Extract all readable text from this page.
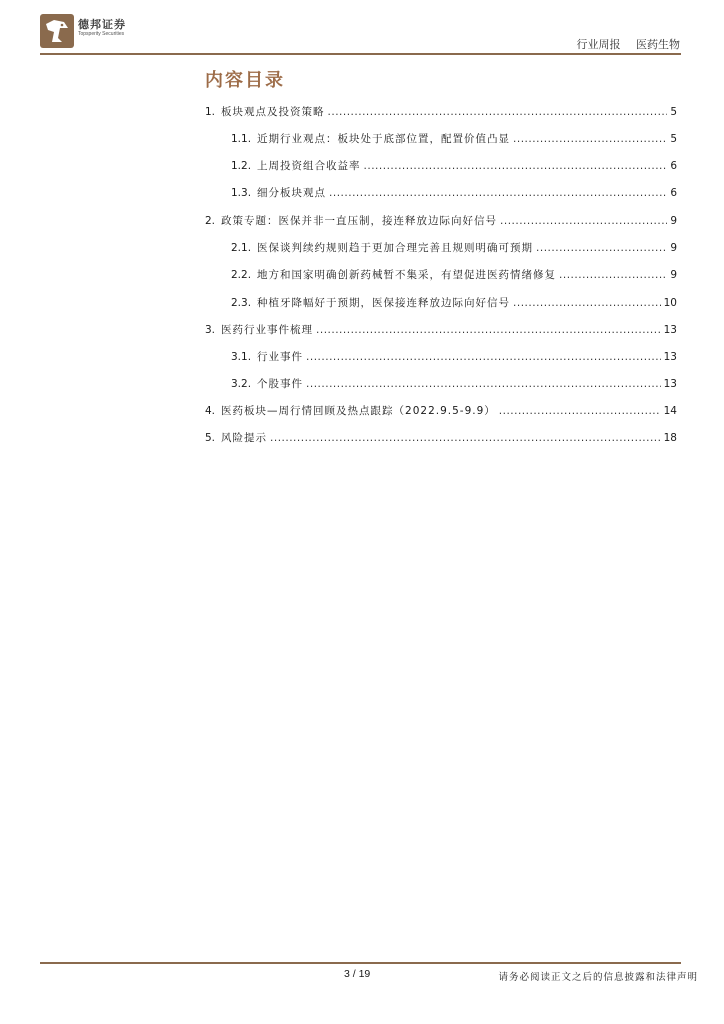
德邦证券
Topsperity Securities
行业周报 医药生物
内容目录
1. 板块观点及投资策略 .....	5
1.1. 近期行业观点：板块处于底部位置，配置价值凸显 .....	5
1.2. 上周投资组合收益率 .....	6
1.3. 细分板块观点 .....	6
2. 政策专题：医保并非一直压制，接连释放边际向好信号 .....	9
2.1. 医保谈判续约规则趋于更加合理完善且规则明确可预期 .....	9
2.2. 地方和国家明确创新药械暂不集采，有望促进医药情绪修复 .....	9
2.3. 种植牙降幅好于预期，医保接连释放边际向好信号 .....	10
3. 医药行业事件梳理 .....	13
3.1. 行业事件 .....	13
3.2. 个股事件 .....	13
4. 医药板块—周行情回顾及热点跟踪（2022.9.5-9.9） .....	14
5. 风险提示 .....	18
3 / 19	请务必阅读正文之后的信息披露和法律声明
